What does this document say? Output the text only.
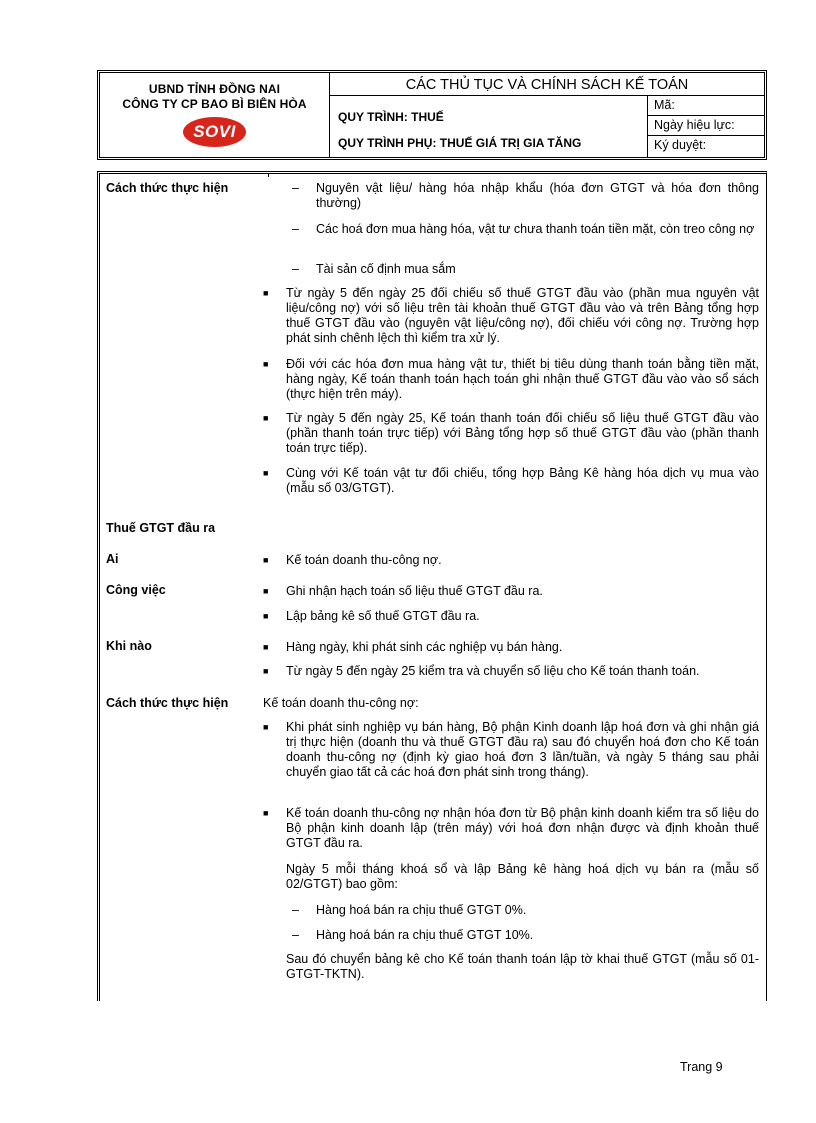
UBND TỈNH ĐỒNG NAI
CÔNG TY CP BAO BÌ BIÊN HÒA
SOVI
CÁC THỦ TỤC VÀ CHÍNH SÁCH KẾ TOÁN
QUY TRÌNH: THUẾ
QUY TRÌNH PHỤ: THUẾ GIÁ TRỊ GIA TĂNG
Mã:
Ngày hiệu lực:
Ký duyệt:
Cách thức thực hiện	– Nguyên vật liệu/ hàng hóa nhập khẩu (hóa đơn GTGT và hóa đơn thông thường)
– Các hoá đơn mua hàng hóa, vật tư chưa thanh toán tiền mặt, còn treo công nợ
– Tài sản cố định mua sắm
■ Từ ngày 5 đến ngày 25 đối chiếu số thuế GTGT đầu vào (phần mua nguyên vật liệu/công nợ) với số liệu trên tài khoản thuế GTGT đầu vào và trên Bảng tổng hợp thuế GTGT đầu vào (nguyên vật liệu/công nợ), đối chiếu với công nợ. Trường hợp phát sinh chênh lệch thì kiểm tra xử lý.
■ Đối với các hóa đơn mua hàng vật tư, thiết bị tiêu dùng thanh toán bằng tiền mặt, hàng ngày, Kế toán thanh toán hạch toán ghi nhận thuế GTGT đầu vào vào sổ sách (thực hiện trên máy).
■ Từ ngày 5 đến ngày 25, Kế toán thanh toán đối chiếu số liệu thuế GTGT đầu vào (phần thanh toán trực tiếp) với Bảng tổng hợp số thuế GTGT đầu vào (phần thanh toán trực tiếp).
■ Cùng với Kế toán vật tư đối chiếu, tổng hợp Bảng Kê hàng hóa dịch vụ mua vào (mẫu số 03/GTGT).
Thuế GTGT đầu ra
Ai	■ Kế toán doanh thu-công nợ.
Công việc	■ Ghi nhận hạch toán số liệu thuế GTGT đầu ra.
■ Lập bảng kê số thuế GTGT đầu ra.
Khi nào	■ Hàng ngày, khi phát sinh các nghiệp vụ bán hàng.
■ Từ ngày 5 đến ngày 25 kiểm tra và chuyển số liệu cho Kế toán thanh toán.
Cách thức thực hiện	Kế toán doanh thu-công nợ:
■ Khi phát sinh nghiệp vụ bán hàng, Bộ phận Kinh doanh lập hoá đơn và ghi nhận giá trị thực hiện (doanh thu và thuế GTGT đầu ra) sau đó chuyển hoá đơn cho Kế toán doanh thu-công nợ (định kỳ giao hoá đơn 3 lần/tuần, và ngày 5 tháng sau phải chuyển giao tất cả các hoá đơn phát sinh trong tháng).
■ Kế toán doanh thu-công nợ nhận hóa đơn từ Bộ phận kinh doanh kiểm tra số liệu do Bộ phận kinh doanh lập (trên máy) với hoá đơn nhận được và định khoản thuế GTGT đầu ra.
Ngày 5 mỗi tháng khoá sổ và lập Bảng kê hàng hoá dịch vụ bán ra (mẫu số 02/GTGT) bao gồm:
– Hàng hoá bán ra chịu thuế GTGT 0%.
– Hàng hoá bán ra chịu thuế GTGT 10%.
Sau đó chuyển bảng kê cho Kế toán thanh toán lập tờ khai thuế GTGT (mẫu số 01-GTGT-TKTN).
Trang 9
